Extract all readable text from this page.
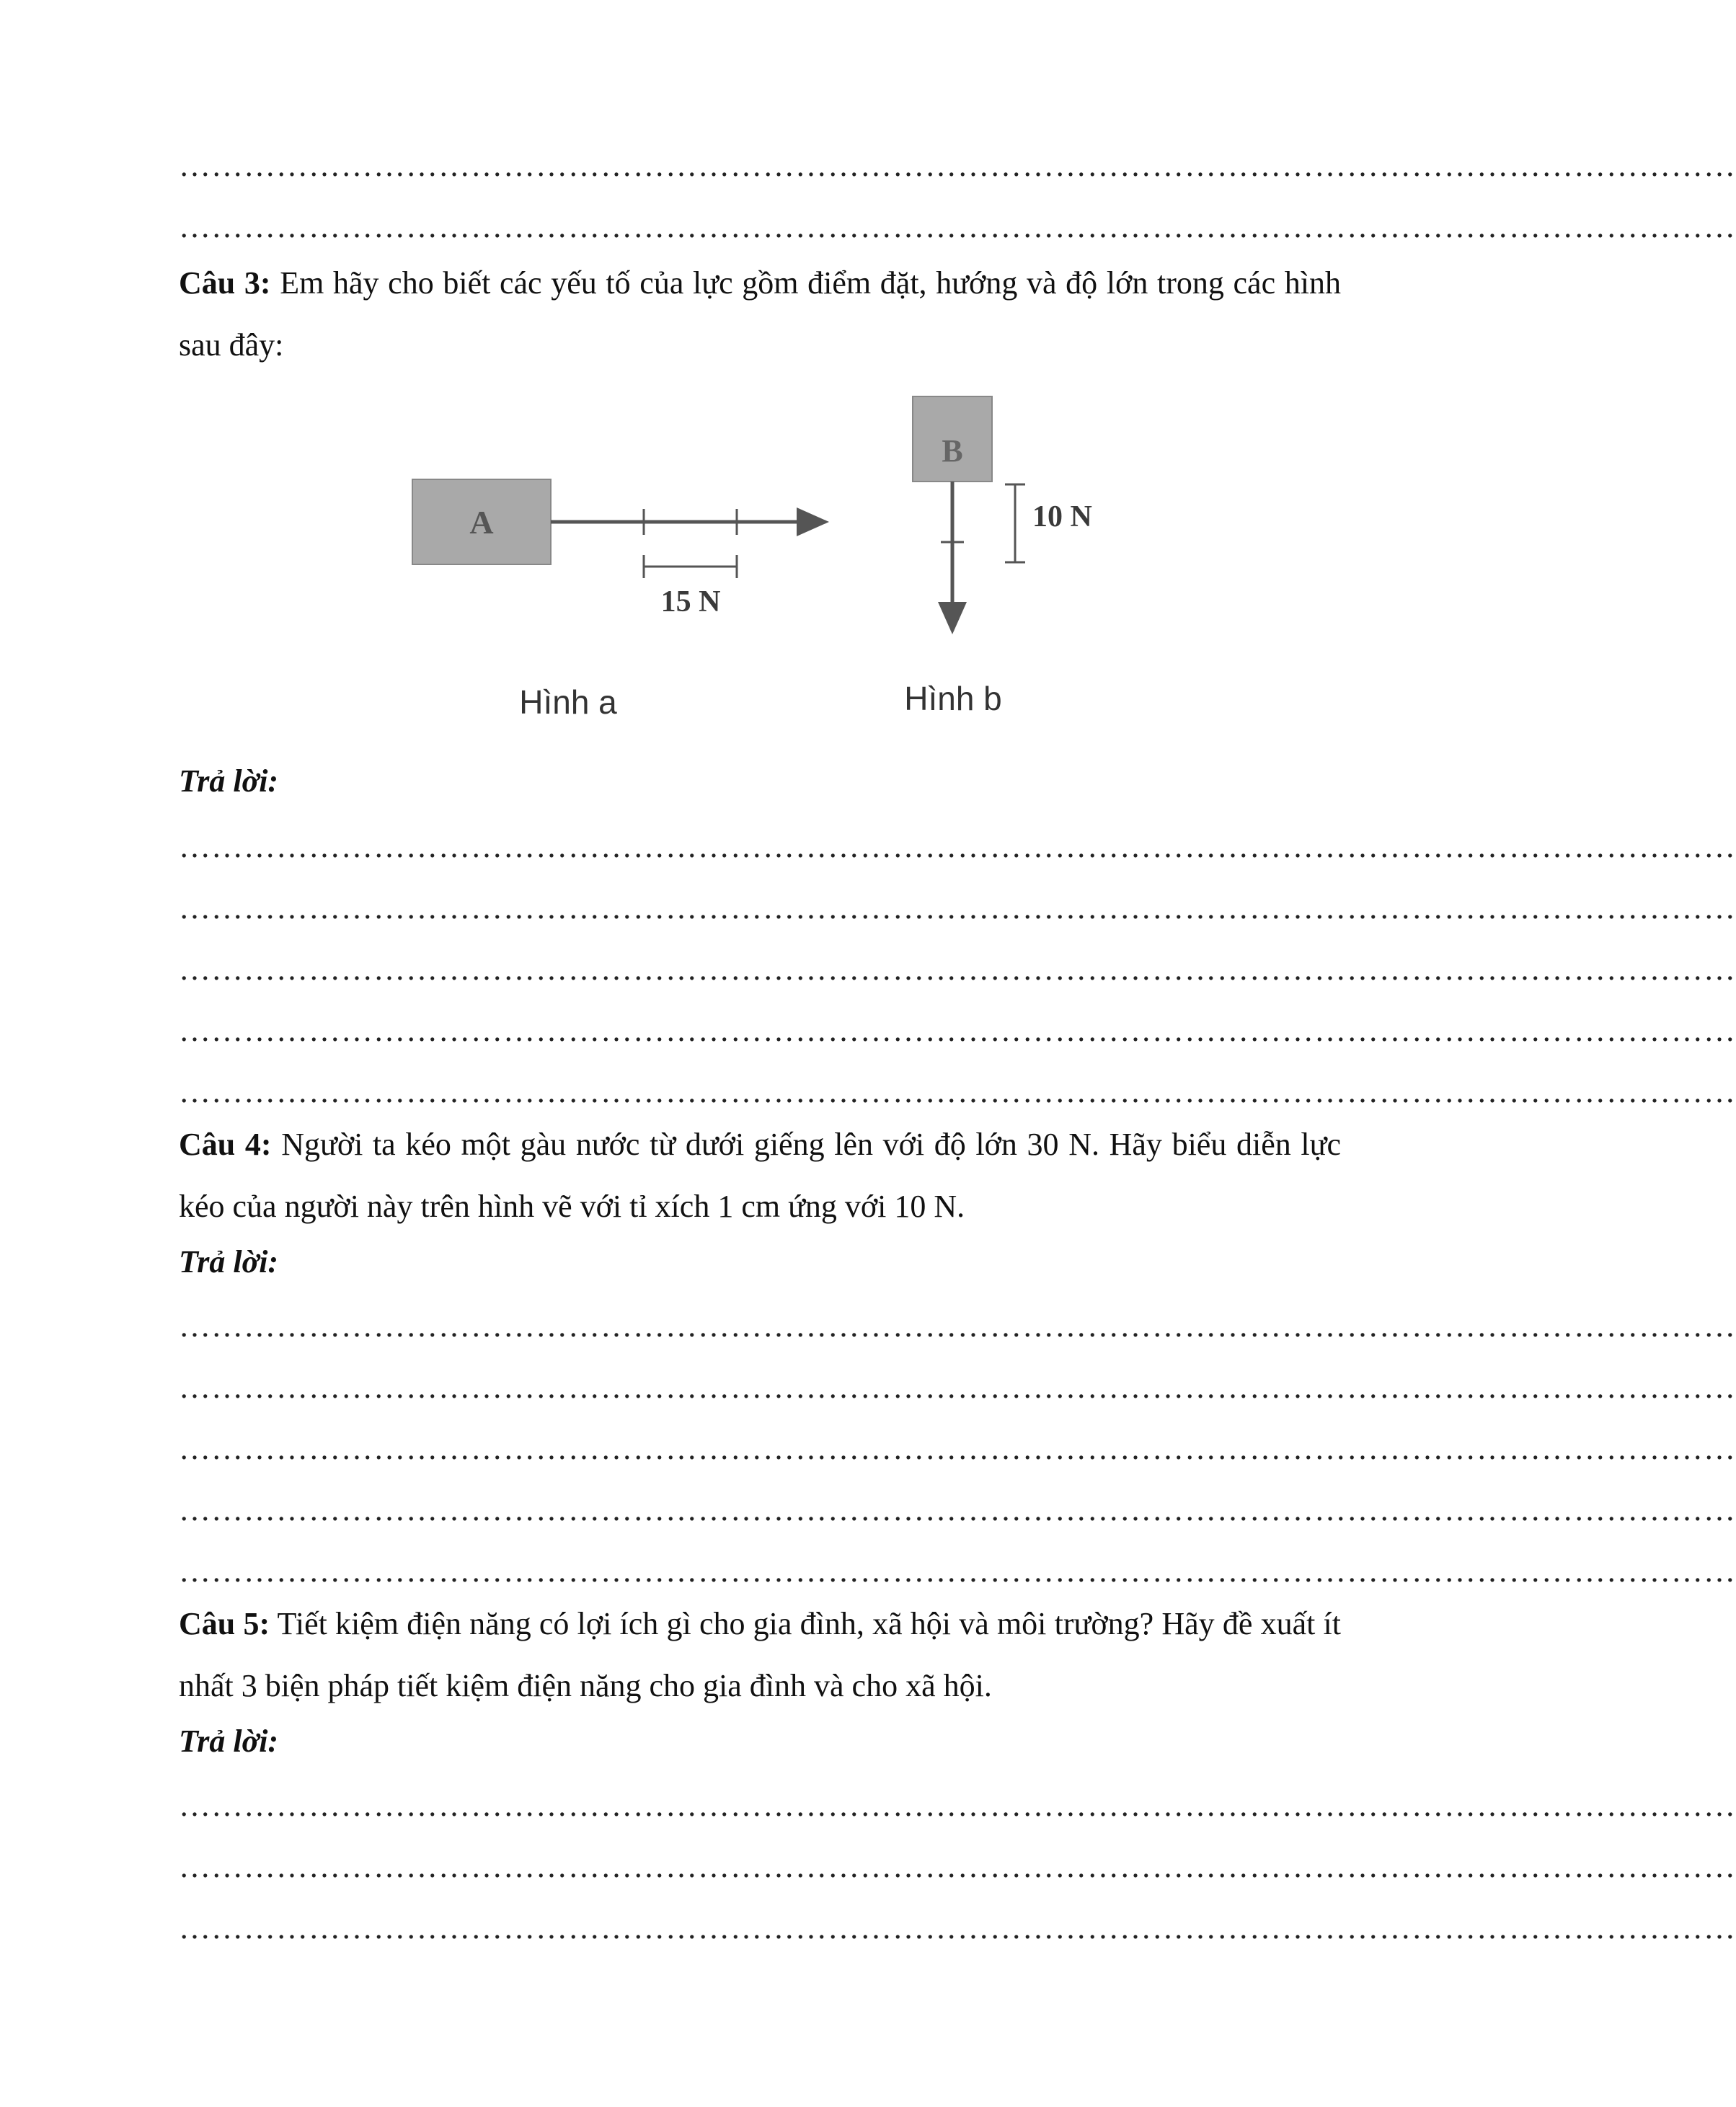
………………………………………………………………………………………………………………………………
………………………………………………………………………………………………………………………………
Câu 3: Em hãy cho biết các yếu tố của lực gồm điểm đặt, hướng và độ lớn trong các hình sau đây:
A
15 N
Hình a
B
10 N
Hình b
Trả lời:
………………………………………………………………………………………………………………………………
………………………………………………………………………………………………………………………………
………………………………………………………………………………………………………………………………
………………………………………………………………………………………………………………………………
………………………………………………………………………………………………………………………………
Câu 4: Người ta kéo một gàu nước từ dưới giếng lên với độ lớn 30 N. Hãy biểu diễn lực kéo của người này trên hình vẽ với tỉ xích 1 cm ứng với 10 N.
Trả lời:
………………………………………………………………………………………………………………………………
………………………………………………………………………………………………………………………………
………………………………………………………………………………………………………………………………
………………………………………………………………………………………………………………………………
………………………………………………………………………………………………………………………………
Câu 5: Tiết kiệm điện năng có lợi ích gì cho gia đình, xã hội và môi trường? Hãy đề xuất ít nhất 3 biện pháp tiết kiệm điện năng cho gia đình và cho xã hội.
Trả lời:
………………………………………………………………………………………………………………………………
………………………………………………………………………………………………………………………………
………………………………………………………………………………………………………………………………
